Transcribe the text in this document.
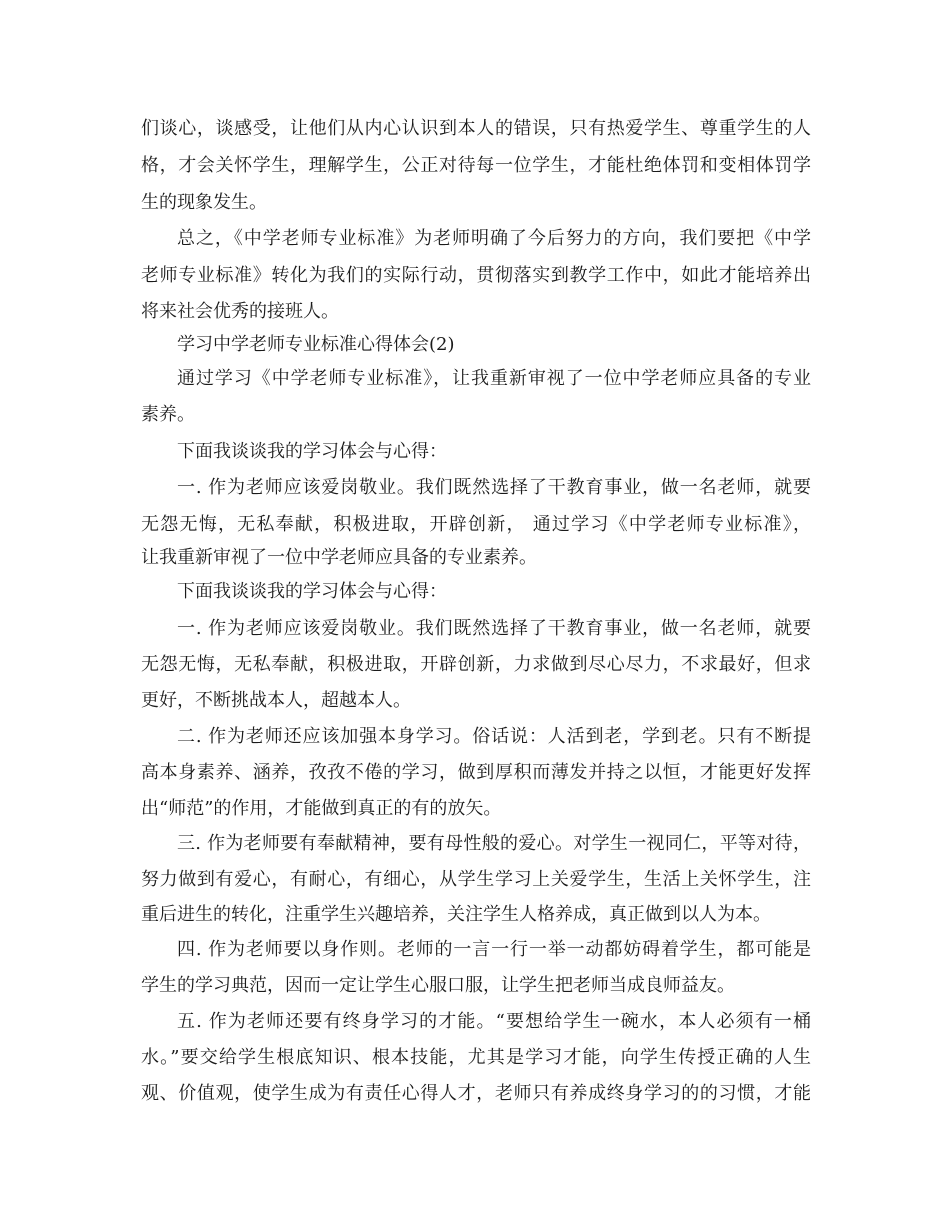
们谈心，谈感受，让他们从内心认识到本人的错误，只有热爱学生、尊重学生的人
格，才会关怀学生，理解学生，公正对待每一位学生，才能杜绝体罚和变相体罚学
生的现象发生。
总之，《中学老师专业标准》为老师明确了今后努力的方向，我们要把《中学
老师专业标准》转化为我们的实际行动，贯彻落实到教学工作中，如此才能培养出
将来社会优秀的接班人。
学习中学老师专业标准心得体会(2)
通过学习《中学老师专业标准》，让我重新审视了一位中学老师应具备的专业
素养。
下面我谈谈我的学习体会与心得：
一. 作为老师应该爱岗敬业。我们既然选择了干教育事业，做一名老师，就要
无怨无悔，无私奉献，积极进取，开辟创新， 通过学习《中学老师专业标准》，
让我重新审视了一位中学老师应具备的专业素养。
下面我谈谈我的学习体会与心得：
一. 作为老师应该爱岗敬业。我们既然选择了干教育事业，做一名老师，就要
无怨无悔，无私奉献，积极进取，开辟创新，力求做到尽心尽力，不求最好，但求
更好，不断挑战本人，超越本人。
二. 作为老师还应该加强本身学习。俗话说：人活到老，学到老。只有不断提
高本身素养、涵养，孜孜不倦的学习，做到厚积而薄发并持之以恒，才能更好发挥
出“师范”的作用，才能做到真正的有的放矢。
三. 作为老师要有奉献精神，要有母性般的爱心。对学生一视同仁，平等对待，
努力做到有爱心，有耐心，有细心，从学生学习上关爱学生，生活上关怀学生，注
重后进生的转化，注重学生兴趣培养，关注学生人格养成，真正做到以人为本。
四. 作为老师要以身作则。老师的一言一行一举一动都妨碍着学生，都可能是
学生的学习典范，因而一定让学生心服口服，让学生把老师当成良师益友。
五. 作为老师还要有终身学习的才能。“要想给学生一碗水，本人必须有一桶
水。”要交给学生根底知识、根本技能，尤其是学习才能，向学生传授正确的人生
观、价值观，使学生成为有责任心得人才，老师只有养成终身学习的的习惯，才能
